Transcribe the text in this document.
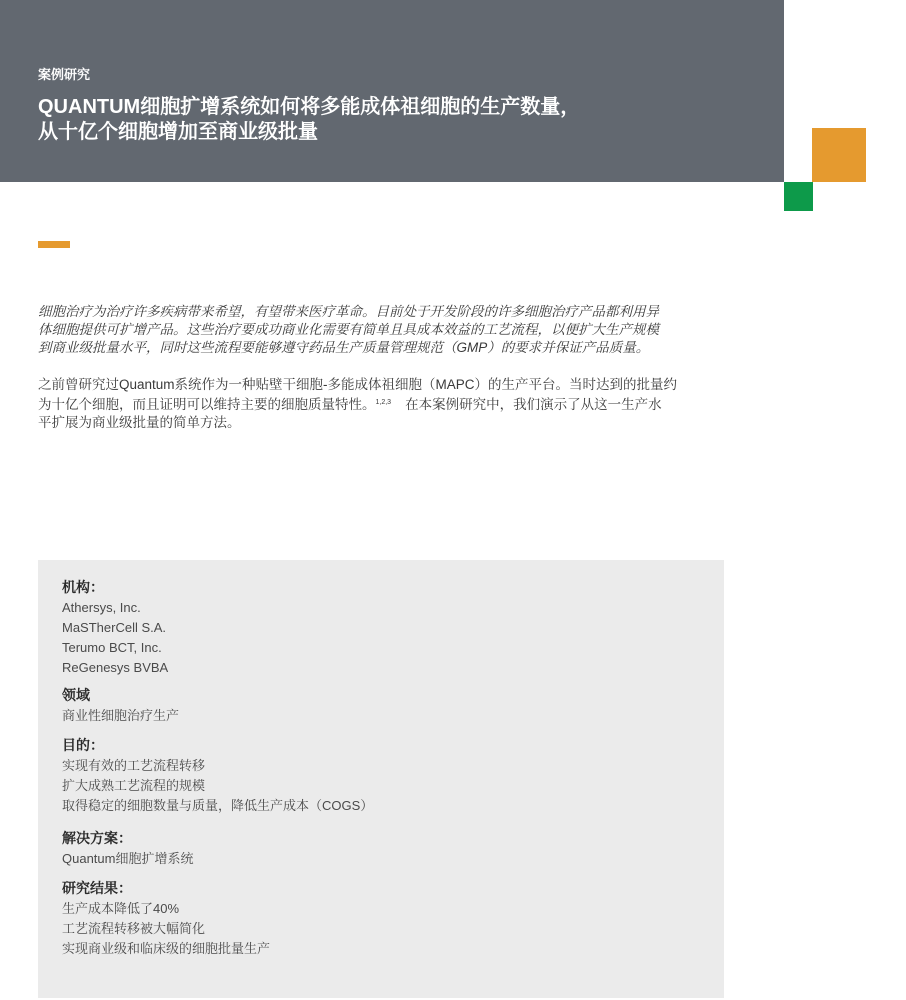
案例研究
QUANTUM细胞扩增系统如何将多能成体祖细胞的生产数量，
从十亿个细胞增加至商业级批量
细胞治疗为治疗许多疾病带来希望，有望带来医疗革命。目前处于开发阶段的许多细胞治疗产品都利用异
体细胞提供可扩增产品。这些治疗要成功商业化需要有简单且具成本效益的工艺流程，以便扩大生产规模
到商业级批量水平，同时这些流程要能够遵守药品生产质量管理规范（GMP）的要求并保证产品质量。
之前曾研究过Quantum系统作为一种贴壁干细胞-多能成体祖细胞（MAPC）的生产平台。当时达到的批量约
为十亿个细胞，而且证明可以维持主要的细胞质量特性。$^{1,2,3}$ 在本案例研究中，我们演示了从这一生产水
平扩展为商业级批量的简单方法。
机构：
Athersys, Inc.
MaSTherCell S.A.
Terumo BCT, Inc.
ReGenesys BVBA
领域
商业性细胞治疗生产
目的：
实现有效的工艺流程转移
扩大成熟工艺流程的规模
取得稳定的细胞数量与质量，降低生产成本（COGS）
解决方案：
Quantum细胞扩增系统
研究结果：
生产成本降低了40%
工艺流程转移被大幅简化
实现商业级和临床级的细胞批量生产
